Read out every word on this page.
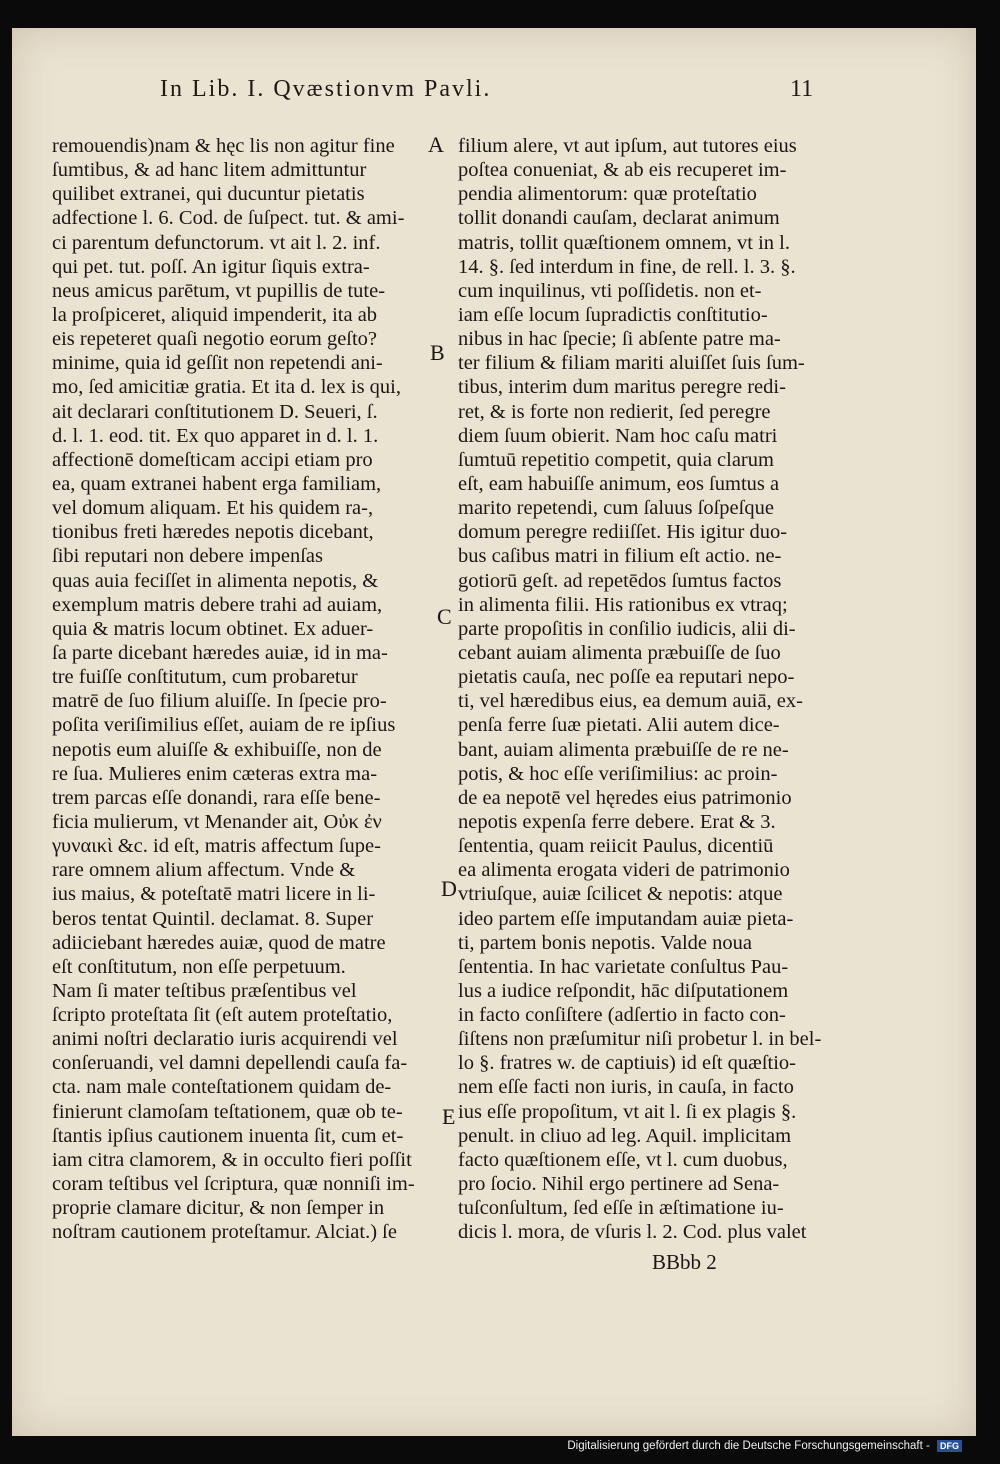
In Lib. I. Qvæstionvm Pavli.	11
remouendis)nam & hęc lis non agitur fine
ſumtibus, & ad hanc litem admittuntur
quilibet extranei, qui ducuntur pietatis
adfectione l. 6. Cod. de ſuſpect. tut. & ami-
ci parentum defunctorum. vt ait l. 2. inf.
qui pet. tut. poſſ. An igitur ſiquis extra-
neus amicus parētum, vt pupillis de tute-
la proſpiceret, aliquid impenderit, ita ab
eis repeteret quaſi negotio eorum geſto?
minime, quia id geſſit non repetendi ani-
mo, ſed amicitiæ gratia. Et ita d. lex is qui,
ait declarari conſtitutionem D. Seueri, ſ.
d. l. 1. eod. tit. Ex quo apparet in d. l. 1.
affectionē domeſticam accipi etiam pro
ea, quam extranei habent erga familiam,
vel domum aliquam. Et his quidem ra-,
tionibus freti hæredes nepotis dicebant,
ſibi reputari non debere impenſas
quas auia feciſſet in alimenta nepotis, &
exemplum matris debere trahi ad auiam,
quia & matris locum obtinet. Ex aduer-
ſa parte dicebant hæredes auiæ, id in ma-
tre fuiſſe conſtitutum, cum probaretur
matrē de ſuo filium aluiſſe. In ſpecie pro-
poſita veriſimilius eſſet, auiam de re ipſius
nepotis eum aluiſſe & exhibuiſſe, non de
re ſua. Mulieres enim cæteras extra ma-
trem parcas eſſe donandi, rara eſſe bene-
ficia mulierum, vt Menander ait, Οὐκ ἐν
γυναικὶ &c. id eſt, matris affectum ſupe-
rare omnem alium affectum. Vnde &
ius maius, & poteſtatē matri licere in li-
beros tentat Quintil. declamat. 8. Super
adiiciebant hæredes auiæ, quod de matre
eſt conſtitutum, non eſſe perpetuum.
Nam ſi mater teſtibus præſentibus vel
ſcripto proteſtata ſit (eſt autem proteſtatio,
animi noſtri declaratio iuris acquirendi vel
conſeruandi, vel damni depellendi cauſa fa-
cta. nam male conteſtationem quidam de-
finierunt clamoſam teſtationem, quæ ob te-
ſtantis ipſius cautionem inuenta ſit, cum et-
iam citra clamorem, & in occulto fieri poſſit
coram teſtibus vel ſcriptura, quæ nonniſi im-
proprie clamare dicitur, & non ſemper in
noſtram cautionem proteſtamur. Alciat.) ſe
filium alere, vt aut ipſum, aut tutores eius
poſtea conueniat, & ab eis recuperet im-
pendia alimentorum: quæ proteſtatio
tollit donandi cauſam, declarat animum
matris, tollit quæſtionem omnem, vt in l.
14. §. ſed interdum in fine, de rell. l. 3. §.
cum inquilinus, vti poſſidetis. non et-
iam eſſe locum ſupradictis conſtitutio-
nibus in hac ſpecie; ſi abſente patre ma-
ter filium & filiam mariti aluiſſet ſuis ſum-
tibus, interim dum maritus peregre redi-
ret, & is forte non redierit, ſed peregre
diem ſuum obierit. Nam hoc caſu matri
ſumtuū repetitio competit, quia clarum
eſt, eam habuiſſe animum, eos ſumtus a
marito repetendi, cum ſaluus ſoſpeſque
domum peregre rediiſſet. His igitur duo-
bus caſibus matri in filium eſt actio. ne-
gotiorū geſt. ad repetēdos ſumtus factos
in alimenta filii. His rationibus ex vtraq;
parte propoſitis in conſilio iudicis, alii di-
cebant auiam alimenta præbuiſſe de ſuo
pietatis cauſa, nec poſſe ea reputari nepo-
ti, vel hæredibus eius, ea demum auiā, ex-
penſa ferre ſuæ pietati. Alii autem dice-
bant, auiam alimenta præbuiſſe de re ne-
potis, & hoc eſſe veriſimilius: ac proin-
de ea nepotē vel hęredes eius patrimonio
nepotis expenſa ferre debere. Erat & 3.
ſententia, quam reiicit Paulus, dicentiū
ea alimenta erogata videri de patrimonio
vtriuſque, auiæ ſcilicet & nepotis: atque
ideo partem eſſe imputandam auiæ pieta-
ti, partem bonis nepotis. Valde noua
ſententia. In hac varietate conſultus Pau-
lus a iudice reſpondit, hāc diſputationem
in facto conſiſtere (adſertio in facto con-
ſiſtens non præſumitur niſi probetur l. in bel-
lo §. fratres w. de captiuis) id eſt quæſtio-
nem eſſe facti non iuris, in cauſa, in facto
ius eſſe propoſitum, vt ait l. ſi ex plagis §.
penult. in cliuo ad leg. Aquil. implicitam
facto quæſtionem eſſe, vt l. cum duobus,
pro ſocio. Nihil ergo pertinere ad Sena-
tuſconſultum, ſed eſſe in æſtimatione iu-
dicis l. mora, de vſuris l. 2. Cod. plus valet
A
B
C
D
E
BBbb 2
Digitalisierung gefördert durch die Deutsche Forschungsgemeinschaft - DFG
